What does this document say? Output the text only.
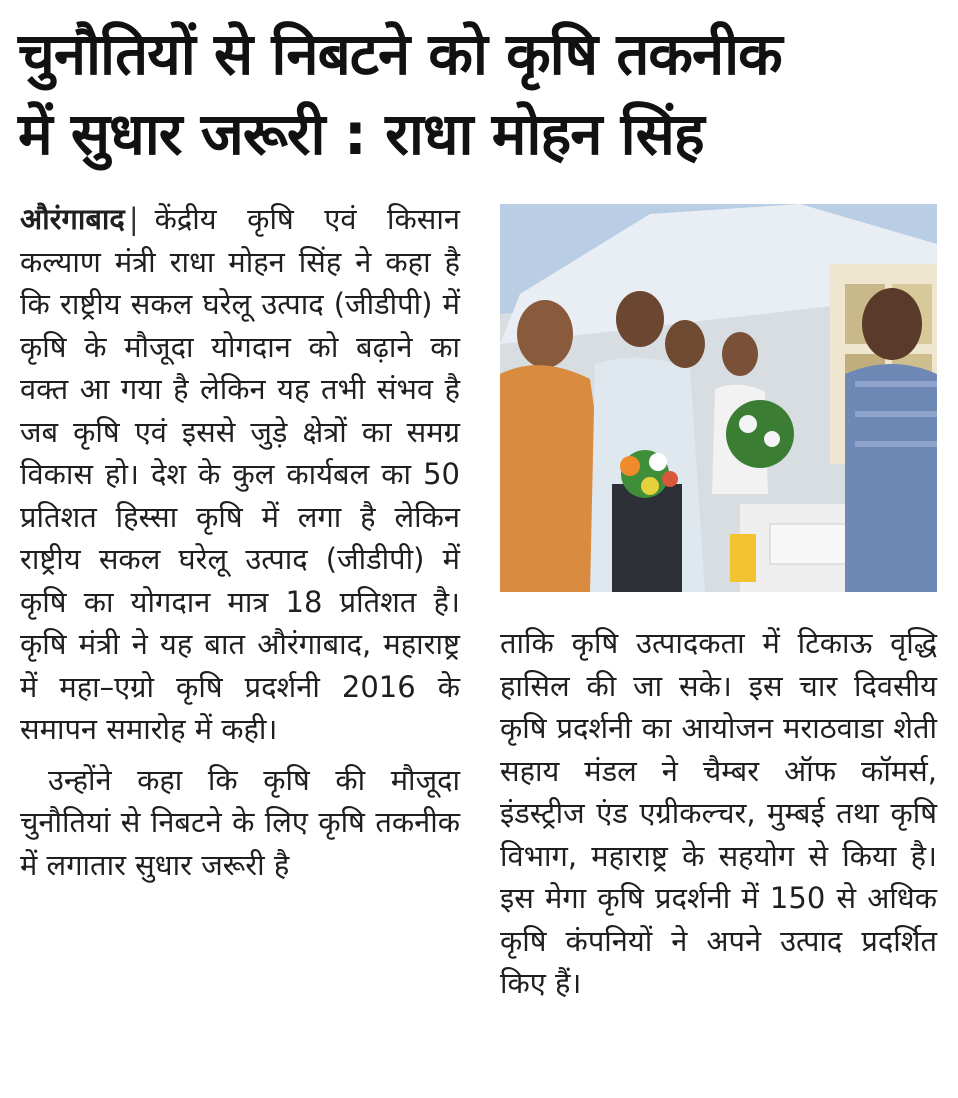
चुनौतियों से निबटने को कृषि तकनीक
में सुधार जरूरी : राधा मोहन सिंह

औरंगाबाद | केंद्रीय कृषि एवं किसान कल्याण मंत्री राधा मोहन सिंह ने कहा है कि राष्ट्रीय सकल घरेलू उत्पाद (जीडीपी) में कृषि के मौजूदा योगदान को बढ़ाने का वक्त आ गया है लेकिन यह तभी संभव है जब कृषि एवं इससे जुड़े क्षेत्रों का समग्र विकास हो। देश के कुल कार्यबल का 50 प्रतिशत हिस्सा कृषि में लगा है लेकिन राष्ट्रीय सकल घरेलू उत्पाद (जीडीपी) में कृषि का योगदान मात्र 18 प्रतिशत है। कृषि मंत्री ने यह बात औरंगाबाद, महाराष्ट्र में महा–एग्रो कृषि प्रदर्शनी 2016 के समापन समारोह में कही।

उन्होंने कहा कि कृषि की मौजूदा चुनौतियां से निबटने के लिए कृषि तकनीक में लगातार सुधार जरूरी है

ताकि कृषि उत्पादकता में टिकाऊ वृद्धि हासिल की जा सके। इस चार दिवसीय कृषि प्रदर्शनी का आयोजन मराठवाडा शेती सहाय मंडल ने चैम्बर ऑफ कॉमर्स, इंडस्ट्रीज एंड एग्रीकल्चर, मुम्बई तथा कृषि विभाग, महाराष्ट्र के सहयोग से किया है। इस मेगा कृषि प्रदर्शनी में 150 से अधिक कृषि कंपनियों ने अपने उत्पाद प्रदर्शित किए हैं।
